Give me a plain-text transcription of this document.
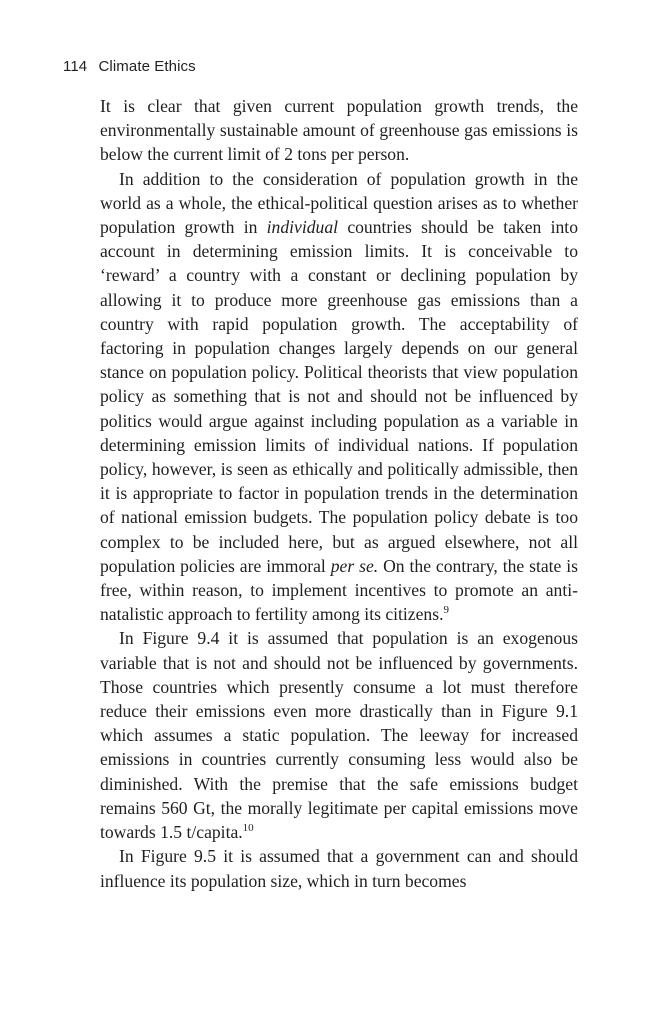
114 Climate Ethics

It is clear that given current population growth trends, the environmentally sustainable amount of greenhouse gas emissions is below the current limit of 2 tons per person.

In addition to the consideration of population growth in the world as a whole, the ethical-political question arises as to whether population growth in individual countries should be taken into account in determining emission limits. It is conceivable to ‘reward’ a country with a constant or declining population by allowing it to produce more greenhouse gas emissions than a country with rapid population growth. The acceptability of factoring in population changes largely depends on our general stance on population policy. Political theorists that view population policy as something that is not and should not be influenced by politics would argue against including population as a variable in determining emission limits of individual nations. If population policy, however, is seen as ethically and politically admissible, then it is appropriate to factor in population trends in the determination of national emission budgets. The population policy debate is too complex to be included here, but as argued elsewhere, not all population policies are immoral per se. On the contrary, the state is free, within reason, to implement incentives to promote an anti-natalistic approach to fertility among its citizens.$^9$

In Figure 9.4 it is assumed that population is an exogenous variable that is not and should not be influenced by governments. Those countries which presently consume a lot must therefore reduce their emissions even more drastically than in Figure 9.1 which assumes a static population. The leeway for increased emissions in countries currently consuming less would also be diminished. With the premise that the safe emissions budget remains 560 Gt, the morally legitimate per capital emissions move towards 1.5 t/capita.$^{10}$

In Figure 9.5 it is assumed that a government can and should influence its population size, which in turn becomes
